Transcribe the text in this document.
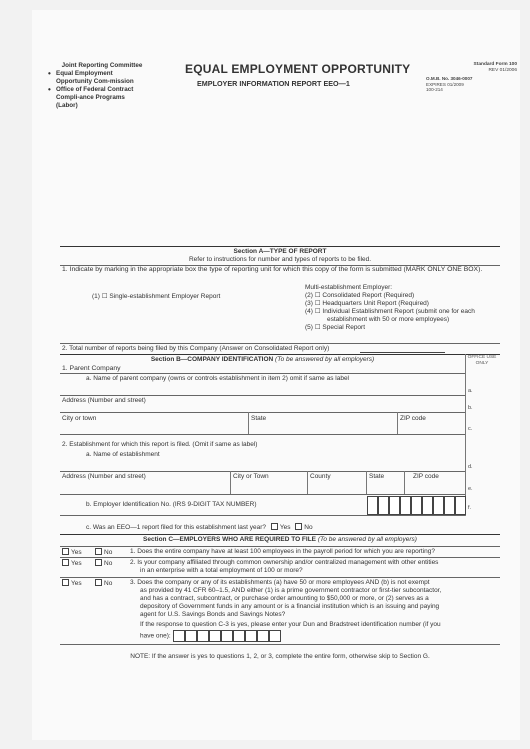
Joint Reporting Committee
• Equal Employment Opportunity Com-mission
• Office of Federal Contract Compli-ance Programs (Labor)
EQUAL EMPLOYMENT OPPORTUNITY
EMPLOYER INFORMATION REPORT EEO—1
Standard Form 100
REV 01/2006
O.M.B. No. 3046-0007
EXPIRES 01/2009
100-214
Section A—TYPE OF REPORT
Refer to instructions for number and types of reports to be filed.
1. Indicate by marking in the appropriate box the type of reporting unit for which this copy of the form is submitted (MARK ONLY ONE BOX).
(1) ☐ Single-establishment Employer Report
Multi-establishment Employer:
(2) ☐ Consolidated Report (Required)
(3) ☐ Headquarters Unit Report (Required)
(4) ☐ Individual Establishment Report (submit one for each
establishment with 50 or more employees)
(5) ☐ Special Report
2. Total number of reports being filed by this Company (Answer on Consolidated Report only)
Section B—COMPANY IDENTIFICATION (To be answered by all employers)	OFFICE USE ONLY
1. Parent Company
a. Name of parent company (owns or controls establishment in item 2) omit if same as label
a.
Address (Number and street)
b.
City or town	State	ZIP code
c.
2. Establishment for which this report is filed. (Omit if same as label)
a. Name of establishment
d.
Address (Number and street)	City or Town	County	State	ZIP code
e.
b. Employer Identification No. (IRS 9-DIGIT TAX NUMBER)	f.
c. Was an EEO—1 report filed for this establishment last year? Yes No
Section C—EMPLOYERS WHO ARE REQUIRED TO FILE (To be answered by all employers)
Yes	No	1. Does the entire company have at least 100 employees in the payroll period for which you are reporting?
Yes	No	2. Is your company affiliated through common ownership and/or centralized management with other entities
in an enterprise with a total employment of 100 or more?
Yes	No	3. Does the company or any of its establishments (a) have 50 or more employees AND (b) is not exempt
as provided by 41 CFR 60–1.5, AND either (1) is a prime government contractor or first-tier subcontactor,
and has a contract, subcontract, or purchase order amounting to $50,000 or more, or (2) serves as a
depository of Government funds in any amount or is a financial institution which is an issuing and paying
agent for U.S. Savings Bonds and Savings Notes?
If the response to question C-3 is yes, please enter your Dun and Bradstreet identification number (if you
have one):
NOTE: If the answer is yes to questions 1, 2, or 3, complete the entire form, otherwise skip to Section G.
